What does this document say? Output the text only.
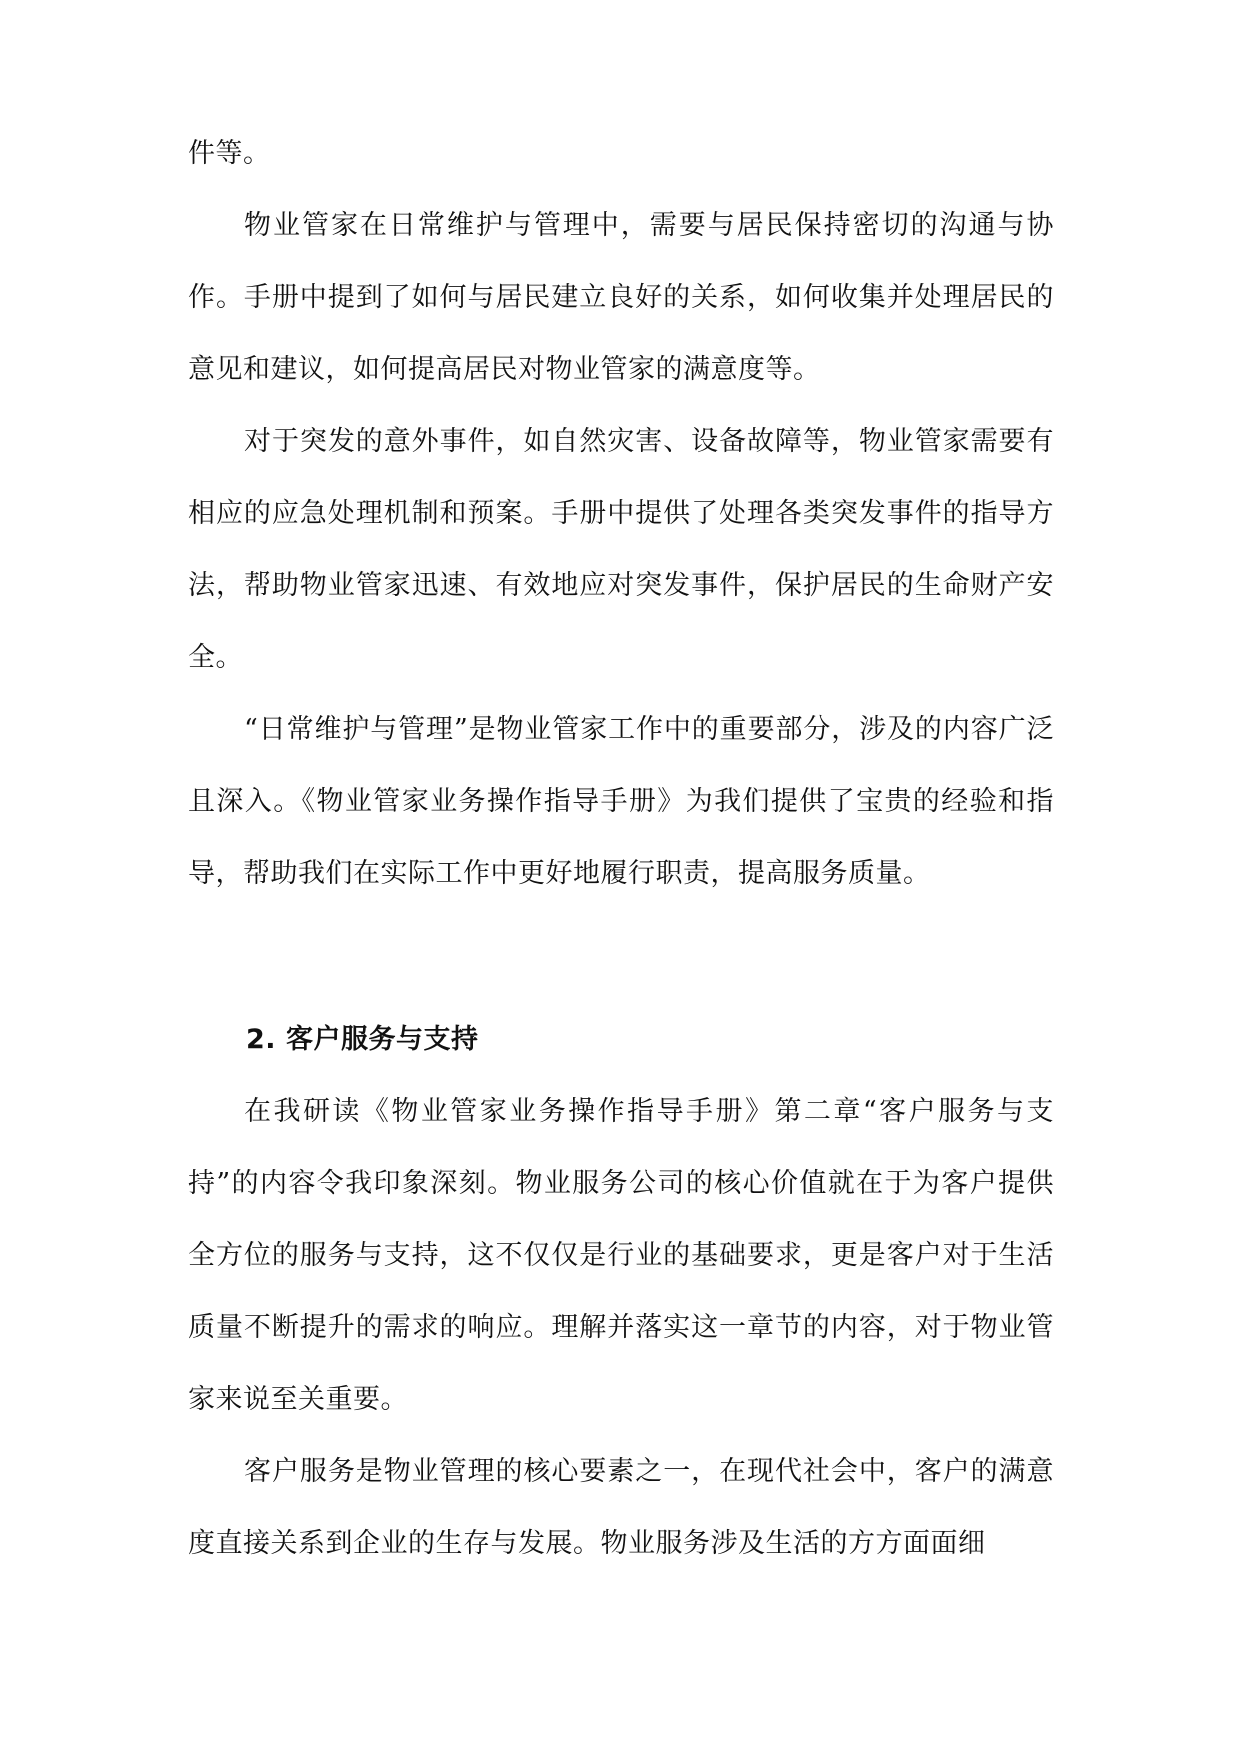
件等。

物业管家在日常维护与管理中，需要与居民保持密切的沟通与协作。手册中提到了如何与居民建立良好的关系，如何收集并处理居民的意见和建议，如何提高居民对物业管家的满意度等。

对于突发的意外事件，如自然灾害、设备故障等，物业管家需要有相应的应急处理机制和预案。手册中提供了处理各类突发事件的指导方法，帮助物业管家迅速、有效地应对突发事件，保护居民的生命财产安全。

“日常维护与管理”是物业管家工作中的重要部分，涉及的内容广泛且深入。《物业管家业务操作指导手册》为我们提供了宝贵的经验和指导，帮助我们在实际工作中更好地履行职责，提高服务质量。

2. 客户服务与支持

在我研读《物业管家业务操作指导手册》第二章“客户服务与支持”的内容令我印象深刻。物业服务公司的核心价值就在于为客户提供全方位的服务与支持，这不仅仅是行业的基础要求，更是客户对于生活质量不断提升的需求的响应。理解并落实这一章节的内容，对于物业管家来说至关重要。

客户服务是物业管理的核心要素之一，在现代社会中，客户的满意度直接关系到企业的生存与发展。物业服务涉及生活的方方面面细
